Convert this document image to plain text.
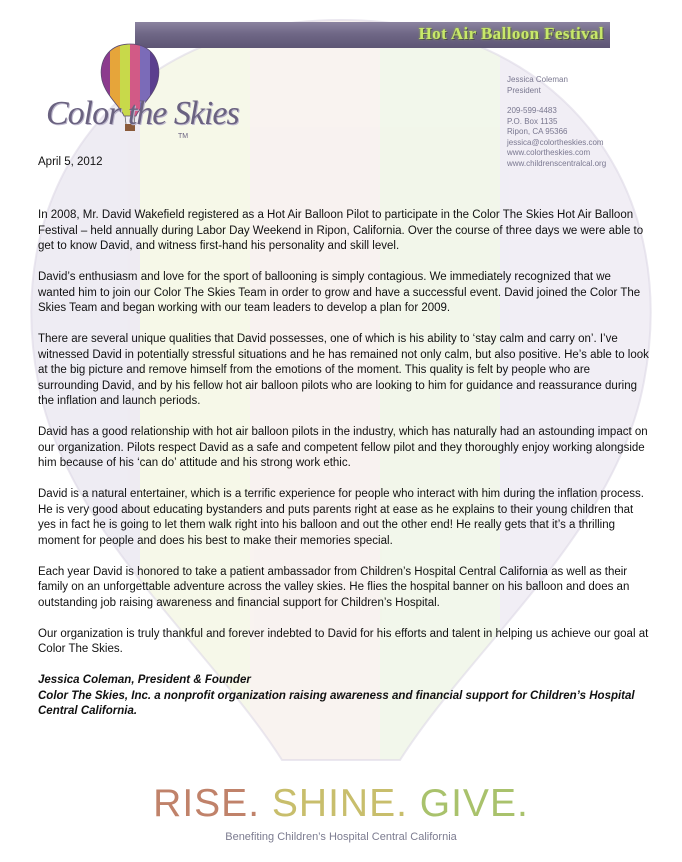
Hot Air Balloon Festival
Color the Skies
TM
Jessica Coleman
President
209-599-4483
P.O. Box 1135
Ripon, CA 95366
jessica@colortheskies.com
www.colortheskies.com
www.childrenscentralcal.org
April 5, 2012

In 2008, Mr. David Wakefield registered as a Hot Air Balloon Pilot to participate in the Color The Skies Hot Air Balloon Festival – held annually during Labor Day Weekend in Ripon, California. Over the course of three days we were able to get to know David, and witness first-hand his personality and skill level.

David’s enthusiasm and love for the sport of ballooning is simply contagious. We immediately recognized that we wanted him to join our Color The Skies Team in order to grow and have a successful event. David joined the Color The Skies Team and began working with our team leaders to develop a plan for 2009.

There are several unique qualities that David possesses, one of which is his ability to ‘stay calm and carry on’. I’ve witnessed David in potentially stressful situations and he has remained not only calm, but also positive. He’s able to look at the big picture and remove himself from the emotions of the moment. This quality is felt by people who are surrounding David, and by his fellow hot air balloon pilots who are looking to him for guidance and reassurance during the inflation and launch periods.

David has a good relationship with hot air balloon pilots in the industry, which has naturally had an astounding impact on our organization. Pilots respect David as a safe and competent fellow pilot and they thoroughly enjoy working alongside him because of his ‘can do’ attitude and his strong work ethic.

David is a natural entertainer, which is a terrific experience for people who interact with him during the inflation process. He is very good about educating bystanders and puts parents right at ease as he explains to their young children that yes in fact he is going to let them walk right into his balloon and out the other end! He really gets that it’s a thrilling moment for people and does his best to make their memories special.

Each year David is honored to take a patient ambassador from Children’s Hospital Central California as well as their family on an unforgettable adventure across the valley skies. He flies the hospital banner on his balloon and does an outstanding job raising awareness and financial support for Children’s Hospital.

Our organization is truly thankful and forever indebted to David for his efforts and talent in helping us achieve our goal at Color The Skies.

Jessica Coleman, President & Founder
Color The Skies, Inc. a nonprofit organization raising awareness and financial support for Children’s Hospital Central California.
RISE. SHINE. GIVE.
Benefiting Children’s Hospital Central California
